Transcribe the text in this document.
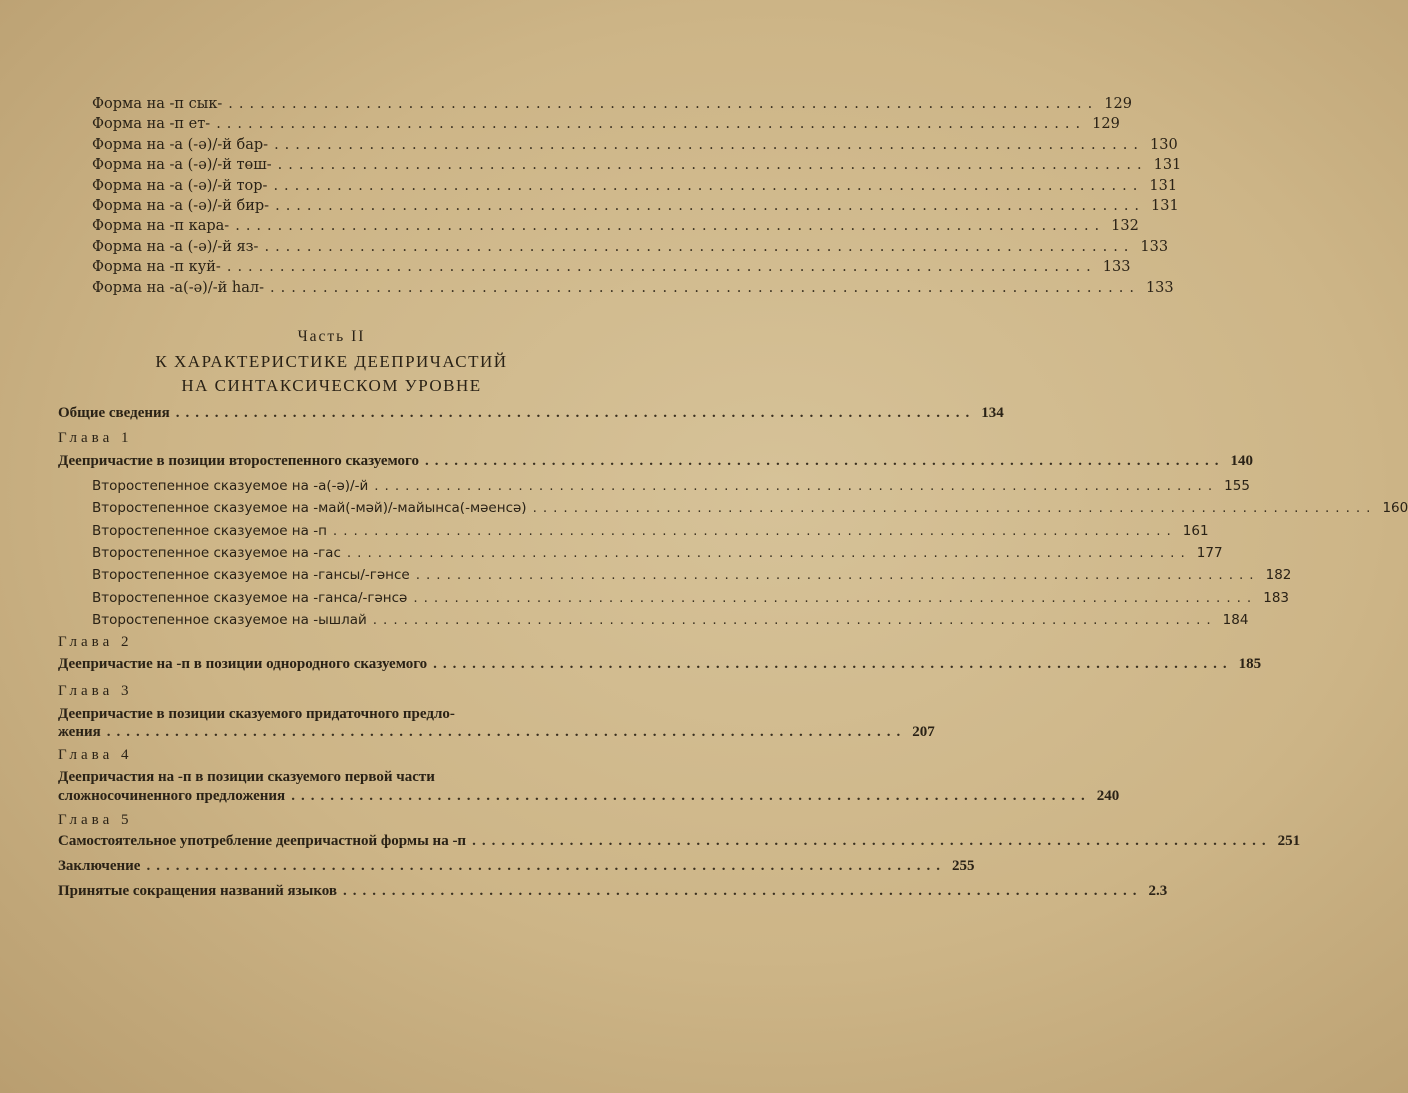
Форма на -п сык- .................................................................................. 129
Форма на -п ет- .................................................................................. 129
Форма на -а (-ә)/-й бар- .................................................................................. 130
Форма на -а (-ә)/-й төш- .................................................................................. 131
Форма на -а (-ә)/-й тор- .................................................................................. 131
Форма на -а (-ә)/-й бир- .................................................................................. 131
Форма на -п кара- .................................................................................. 132
Форма на -а (-ә)/-й яз- .................................................................................. 133
Форма на -п куй- .................................................................................. 133
Форма на -а(-ә)/-й һал- .................................................................................. 133
Часть II
К ХАРАКТЕРИСТИКЕ ДЕЕПРИЧАСТИЙ
НА СИНТАКСИЧЕСКОМ УРОВНЕ
Общие сведения .................................................................................. 134
Глава 1
Деепричастие в позиции второстепенного сказуемого .................................................................................. 140
Второстепенное сказуемое на -а(-ә)/-й .................................................................................. 155
Второстепенное сказуемое на -май(-мәй)/-майынса(-мәенсә) .................................................................................. 160
Второстепенное сказуемое на -п .................................................................................. 161
Второстепенное сказуемое на -гас .................................................................................. 177
Второстепенное сказуемое на -гансы/-гәнсе .................................................................................. 182
Второстепенное сказуемое на -ганса/-гәнсә .................................................................................. 183
Второстепенное сказуемое на -ышлай .................................................................................. 184
Глава 2
Деепричастие на -п в позиции однородного сказуемого .................................................................................. 185
Глава 3
Деепричастие в позиции сказуемого придаточного предло-
жения .................................................................................. 207
Глава 4
Деепричастия на -п в позиции сказуемого первой части
сложносочиненного предложения .................................................................................. 240
Глава 5
Самостоятельное употребление деепричастной формы на -п .................................................................................. 251
Заключение .................................................................................. 255
Принятые сокращения названий языков .................................................................................. 2.3
